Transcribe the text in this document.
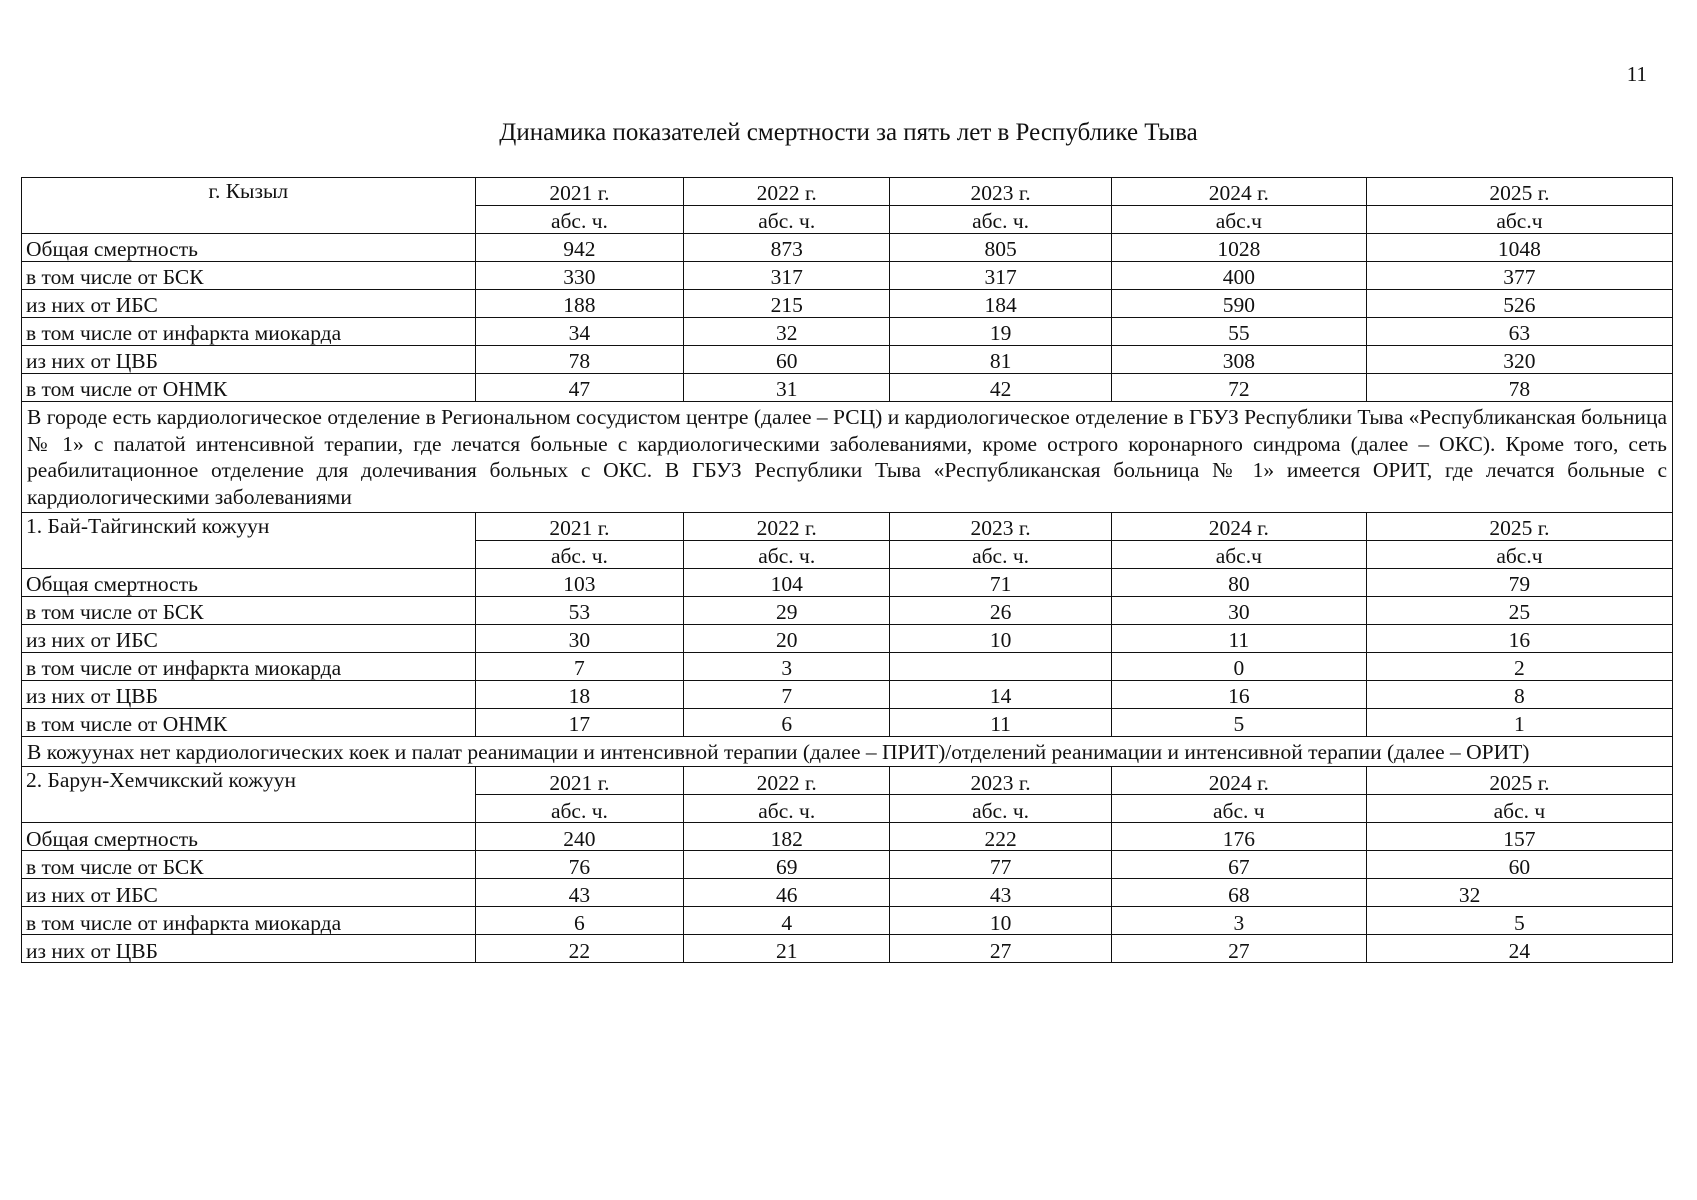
11
Динамика показателей смертности за пять лет в Республике Тыва
г. Кызыл	2021 г.	2022 г.	2023 г.	2024 г.	2025 г.
	абс. ч.	абс. ч.	абс. ч.	абс.ч	абс.ч
Общая смертность	942	873	805	1028	1048
в том числе от БСК	330	317	317	400	377
из них от ИБС	188	215	184	590	526
в том числе от инфаркта миокарда	34	32	19	55	63
из них от ЦВБ	78	60	81	308	320
в том числе от ОНМК	47	31	42	72	78
В городе есть кардиологическое отделение в Региональном сосудистом центре (далее – РСЦ) и кардиологическое отделение в ГБУЗ Республики Тыва «Республиканская больница № 1» с палатой интенсивной терапии, где лечатся больные с кардиологическими заболеваниями, кроме острого коронарного синдрома (далее – ОКС). Кроме того, сеть реабилитационное отделение для долечивания больных с ОКС. В ГБУЗ Республики Тыва «Республиканская больница № 1» имеется ОРИТ, где лечатся больные с кардиологическими заболеваниями					
1. Бай-Тайгинский кожуун	2021 г.	2022 г.	2023 г.	2024 г.	2025 г.
	абс. ч.	абс. ч.	абс. ч.	абс.ч	абс.ч
Общая смертность	103	104	71	80	79
в том числе от БСК	53	29	26	30	25
из них от ИБС	30	20	10	11	16
в том числе от инфаркта миокарда	7	3		0	2
из них от ЦВБ	18	7	14	16	8
в том числе от ОНМК	17	6	11	5	1
В кожуунах нет кардиологических коек и палат реанимации и интенсивной терапии (далее – ПРИТ)/отделений реанимации и интенсивной терапии (далее – ОРИТ)					
2. Барун-Хемчикский кожуун	2021 г.	2022 г.	2023 г.	2024 г.	2025 г.
	абс. ч.	абс. ч.	абс. ч.	абс. ч	абс. ч
Общая смертность	240	182	222	176	157
в том числе от БСК	76	69	77	67	60
из них от ИБС	43	46	43	68	32
в том числе от инфаркта миокарда	6	4	10	3	5
из них от ЦВБ	22	21	27	27	24
